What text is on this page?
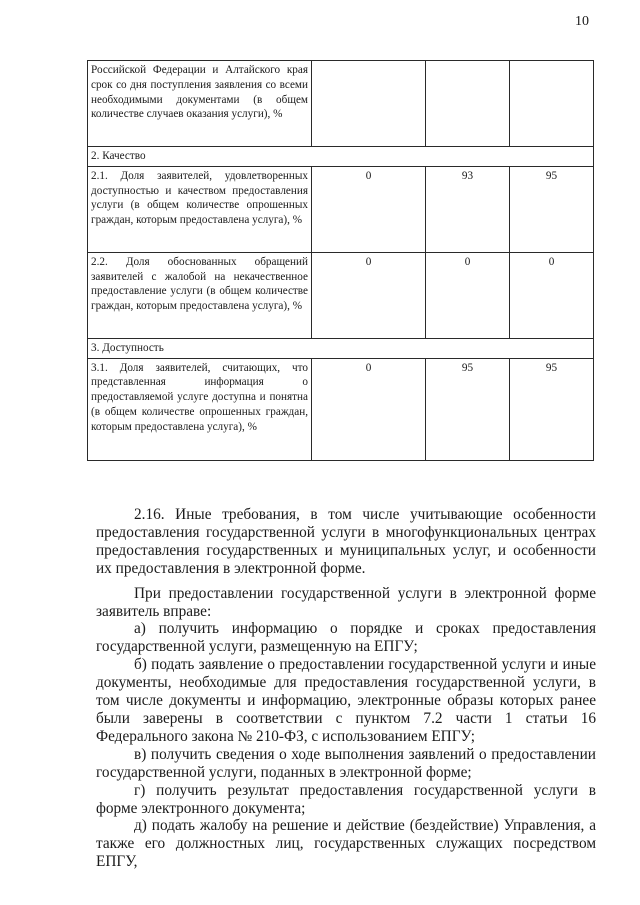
10
Российской Федерации и Алтайского края срок со дня поступления заявления со всеми необходимыми документами (в общем количестве случаев оказания услуги), %			
2. Качество			
2.1. Доля заявителей, удовлетворенных доступностью и качеством предоставления услуги (в общем количестве опрошенных граждан, которым предоставлена услуга), %	0	93	95
2.2. Доля обоснованных обращений заявителей с жалобой на некачественное предоставление услуги (в общем количестве граждан, которым предоставлена услуга), %	0	0	0
3. Доступность			
3.1. Доля заявителей, считающих, что представленная информация о предоставляемой услуге доступна и понятна (в общем количестве опрошенных граждан, которым предоставлена услуга), %	0	95	95

2.16. Иные требования, в том числе учитывающие особенности предоставления государственной услуги в многофункциональных центрах предоставления государственных и муниципальных услуг, и особенности их предоставления в электронной форме.

При предоставлении государственной услуги в электронной форме заявитель вправе:

а) получить информацию о порядке и сроках предоставления государственной услуги, размещенную на ЕПГУ;

б) подать заявление о предоставлении государственной услуги и иные документы, необходимые для предоставления государственной услуги, в том числе документы и информацию, электронные образы которых ранее были заверены в соответствии с пунктом 7.2 части 1 статьи 16 Федерального закона № 210-ФЗ, с использованием ЕПГУ;

в) получить сведения о ходе выполнения заявлений о предоставлении государственной услуги, поданных в электронной форме;

г) получить результат предоставления государственной услуги в форме электронного документа;

д) подать жалобу на решение и действие (бездействие) Управления, а также его должностных лиц, государственных служащих посредством ЕПГУ,
